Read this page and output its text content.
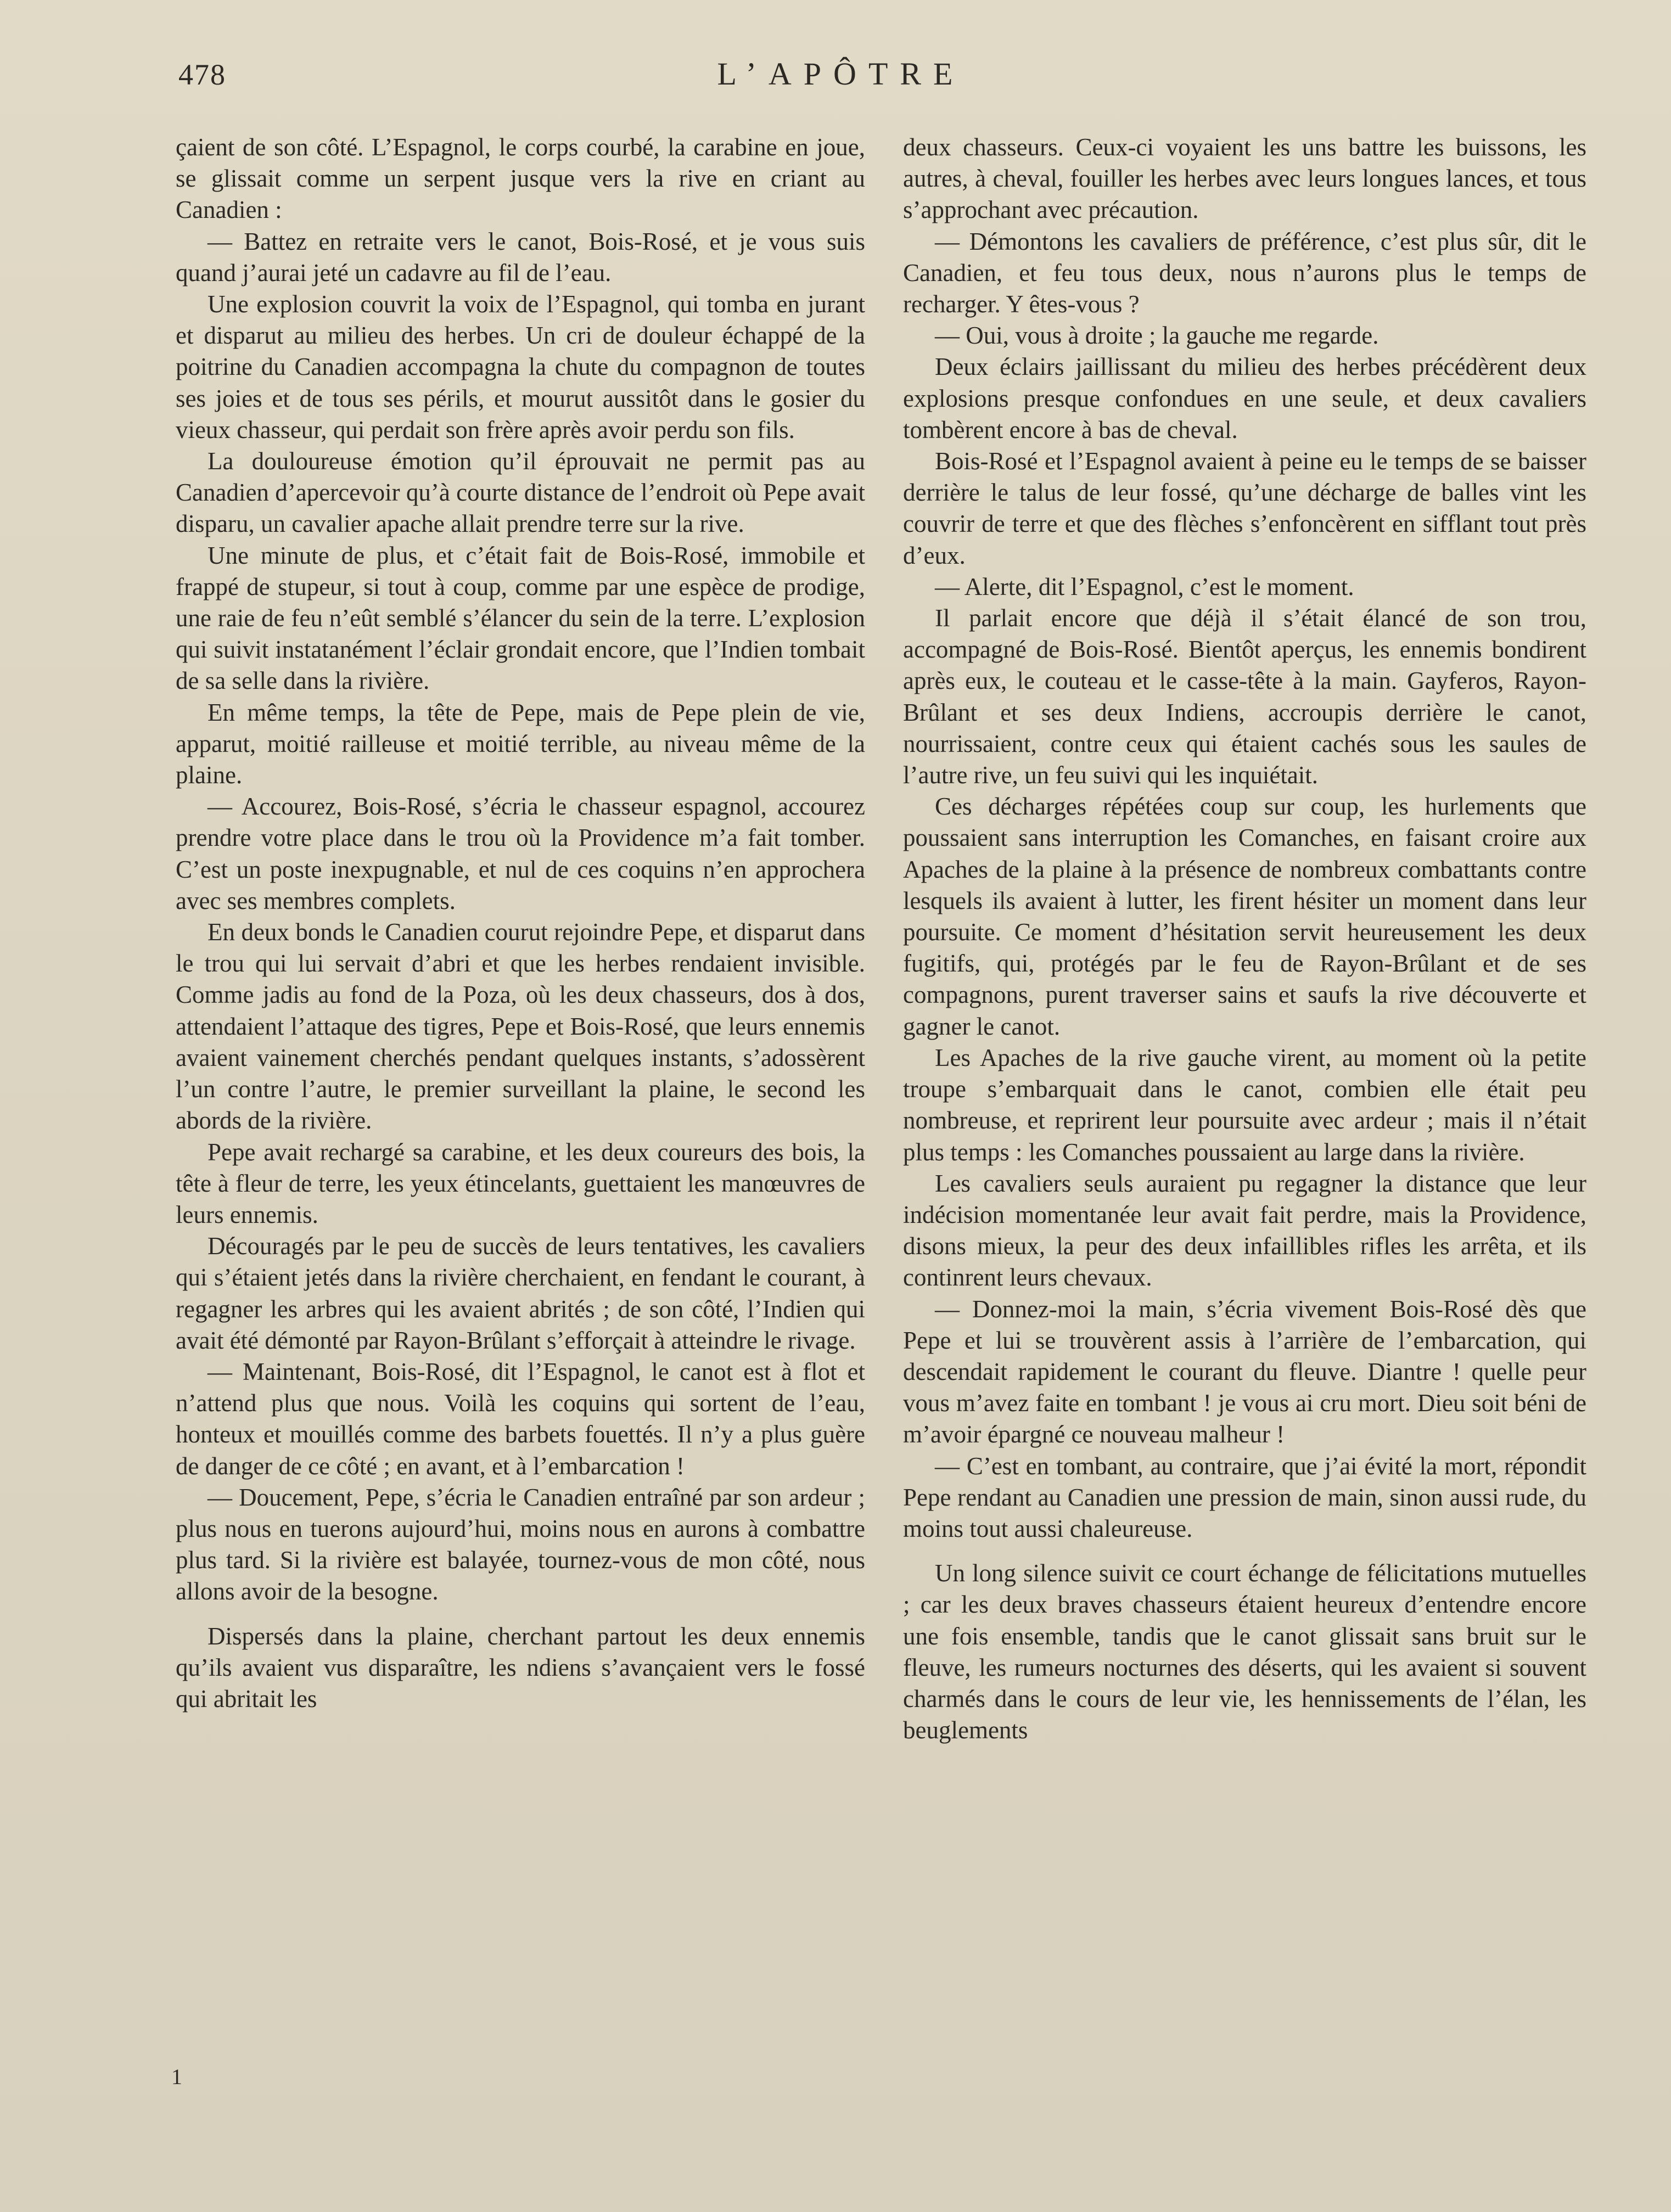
478	L’APÔTRE

çaient de son côté. L’Espagnol, le corps courbé, la carabine en joue, se glissait comme un serpent jusque vers la rive en criant au Canadien :

— Battez en retraite vers le canot, Bois-Rosé, et je vous suis quand j’aurai jeté un cadavre au fil de l’eau.

Une explosion couvrit la voix de l’Espagnol, qui tomba en jurant et disparut au milieu des herbes. Un cri de douleur échappé de la poitrine du Canadien accompagna la chute du compagnon de toutes ses joies et de tous ses périls, et mourut aussitôt dans le gosier du vieux chasseur, qui perdait son frère après avoir perdu son fils.

La douloureuse émotion qu’il éprouvait ne permit pas au Canadien d’apercevoir qu’à courte distance de l’endroit où Pepe avait disparu, un cavalier apache allait prendre terre sur la rive.

Une minute de plus, et c’était fait de Bois-Rosé, immobile et frappé de stupeur, si tout à coup, comme par une espèce de prodige, une raie de feu n’eût semblé s’élancer du sein de la terre. L’explosion qui suivit instatanément l’éclair grondait encore, que l’Indien tombait de sa selle dans la rivière.

En même temps, la tête de Pepe, mais de Pepe plein de vie, apparut, moitié railleuse et moitié terrible, au niveau même de la plaine.

— Accourez, Bois-Rosé, s’écria le chasseur espagnol, accourez prendre votre place dans le trou où la Providence m’a fait tomber. C’est un poste inexpugnable, et nul de ces coquins n’en approchera avec ses membres complets.

En deux bonds le Canadien courut rejoindre Pepe, et disparut dans le trou qui lui servait d’abri et que les herbes rendaient invisible. Comme jadis au fond de la Poza, où les deux chasseurs, dos à dos, attendaient l’attaque des tigres, Pepe et Bois-Rosé, que leurs ennemis avaient vainement cherchés pendant quelques instants, s’adossèrent l’un contre l’autre, le premier surveillant la plaine, le second les abords de la rivière.

Pepe avait rechargé sa carabine, et les deux coureurs des bois, la tête à fleur de terre, les yeux étincelants, guettaient les manœuvres de leurs ennemis.

Découragés par le peu de succès de leurs tentatives, les cavaliers qui s’étaient jetés dans la rivière cherchaient, en fendant le courant, à regagner les arbres qui les avaient abrités ; de son côté, l’Indien qui avait été démonté par Rayon-Brûlant s’efforçait à atteindre le rivage.

— Maintenant, Bois-Rosé, dit l’Espagnol, le canot est à flot et n’attend plus que nous. Voilà les coquins qui sortent de l’eau, honteux et mouillés comme des barbets fouettés. Il n’y a plus guère de danger de ce côté ; en avant, et à l’embarcation !

— Doucement, Pepe, s’écria le Canadien entraîné par son ardeur ; plus nous en tuerons aujourd’hui, moins nous en aurons à combattre plus tard. Si la rivière est balayée, tournez-vous de mon côté, nous allons avoir de la besogne.

Dispersés dans la plaine, cherchant partout les deux ennemis qu’ils avaient vus disparaître, les ndiens s’avançaient vers le fossé qui abritait les

deux chasseurs. Ceux-ci voyaient les uns battre les buissons, les autres, à cheval, fouiller les herbes avec leurs longues lances, et tous s’approchant avec précaution.

— Démontons les cavaliers de préférence, c’est plus sûr, dit le Canadien, et feu tous deux, nous n’aurons plus le temps de recharger. Y êtes-vous ?

— Oui, vous à droite ; la gauche me regarde.

Deux éclairs jaillissant du milieu des herbes précédèrent deux explosions presque confondues en une seule, et deux cavaliers tombèrent encore à bas de cheval.

Bois-Rosé et l’Espagnol avaient à peine eu le temps de se baisser derrière le talus de leur fossé, qu’une décharge de balles vint les couvrir de terre et que des flèches s’enfoncèrent en sifflant tout près d’eux.

— Alerte, dit l’Espagnol, c’est le moment.

Il parlait encore que déjà il s’était élancé de son trou, accompagné de Bois-Rosé. Bientôt aperçus, les ennemis bondirent après eux, le couteau et le casse-tête à la main. Gayferos, Rayon-Brûlant et ses deux Indiens, accroupis derrière le canot, nourrissaient, contre ceux qui étaient cachés sous les saules de l’autre rive, un feu suivi qui les inquiétait.

Ces décharges répétées coup sur coup, les hurlements que poussaient sans interruption les Comanches, en faisant croire aux Apaches de la plaine à la présence de nombreux combattants contre lesquels ils avaient à lutter, les firent hésiter un moment dans leur poursuite. Ce moment d’hésitation servit heureusement les deux fugitifs, qui, protégés par le feu de Rayon-Brûlant et de ses compagnons, purent traverser sains et saufs la rive découverte et gagner le canot.

Les Apaches de la rive gauche virent, au moment où la petite troupe s’embarquait dans le canot, combien elle était peu nombreuse, et reprirent leur poursuite avec ardeur ; mais il n’était plus temps : les Comanches poussaient au large dans la rivière.

Les cavaliers seuls auraient pu regagner la distance que leur indécision momentanée leur avait fait perdre, mais la Providence, disons mieux, la peur des deux infaillibles rifles les arrêta, et ils continrent leurs chevaux.

— Donnez-moi la main, s’écria vivement Bois-Rosé dès que Pepe et lui se trouvèrent assis à l’arrière de l’embarcation, qui descendait rapidement le courant du fleuve. Diantre ! quelle peur vous m’avez faite en tombant ! je vous ai cru mort. Dieu soit béni de m’avoir épargné ce nouveau malheur !

— C’est en tombant, au contraire, que j’ai évité la mort, répondit Pepe rendant au Canadien une pression de main, sinon aussi rude, du moins tout aussi chaleureuse.

Un long silence suivit ce court échange de félicitations mutuelles ; car les deux braves chasseurs étaient heureux d’entendre encore une fois ensemble, tandis que le canot glissait sans bruit sur le fleuve, les rumeurs nocturnes des déserts, qui les avaient si souvent charmés dans le cours de leur vie, les hennissements de l’élan, les beuglements

1
